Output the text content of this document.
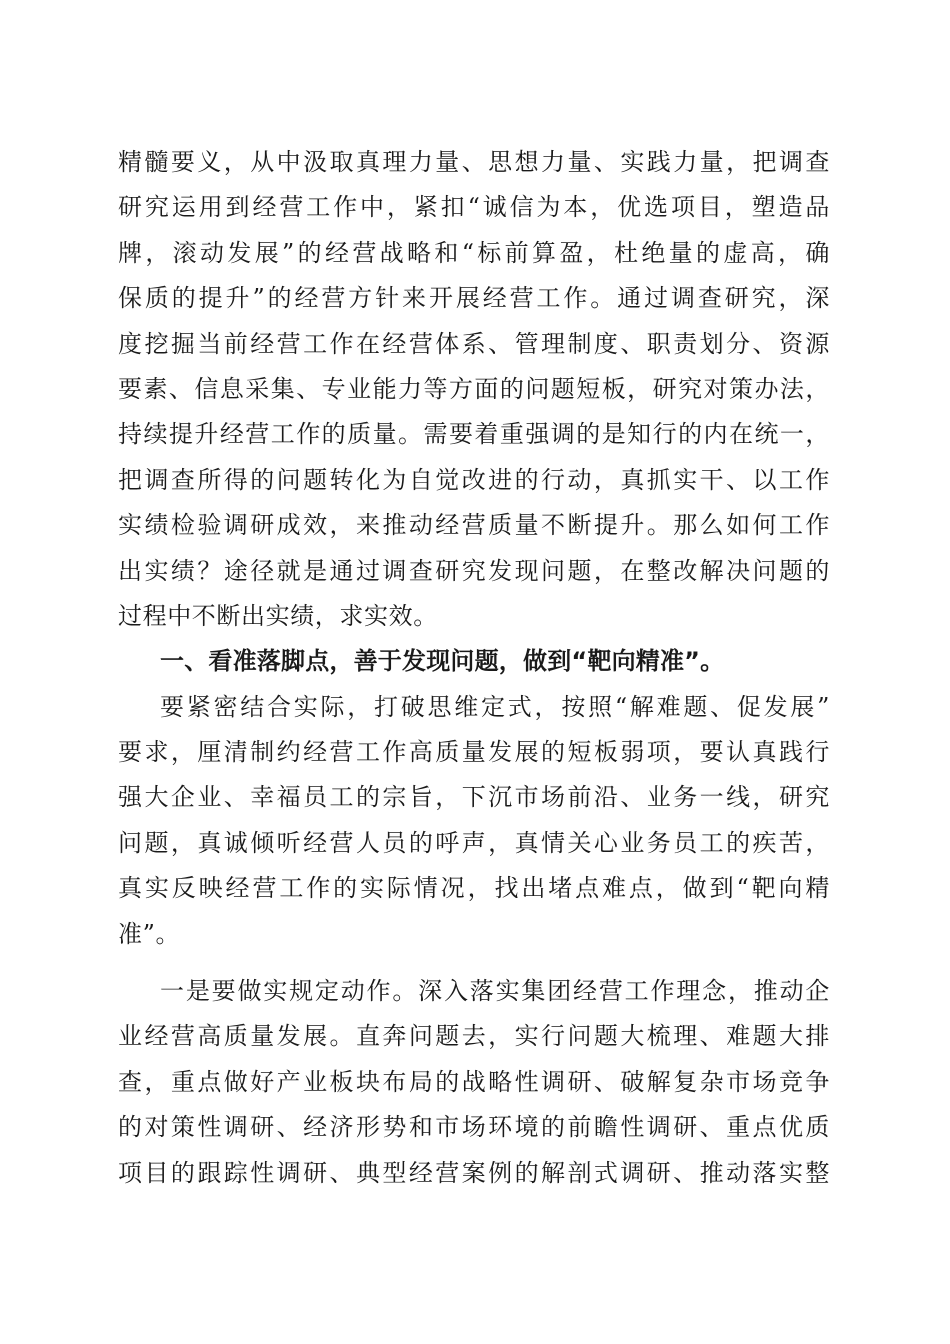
精髓要义，从中汲取真理力量、思想力量、实践力量，把调查
研究运用到经营工作中，紧扣“诚信为本，优选项目，塑造品
牌，滚动发展”的经营战略和“标前算盈，杜绝量的虚高，确
保质的提升”的经营方针来开展经营工作。通过调查研究，深
度挖掘当前经营工作在经营体系、管理制度、职责划分、资源
要素、信息采集、专业能力等方面的问题短板，研究对策办法，
持续提升经营工作的质量。需要着重强调的是知行的内在统一，
把调查所得的问题转化为自觉改进的行动，真抓实干、以工作
实绩检验调研成效，来推动经营质量不断提升。那么如何工作
出实绩？途径就是通过调查研究发现问题，在整改解决问题的
过程中不断出实绩，求实效。
一、看准落脚点，善于发现问题，做到“靶向精准”。
要紧密结合实际，打破思维定式，按照“解难题、促发展”
要求，厘清制约经营工作高质量发展的短板弱项，要认真践行
强大企业、幸福员工的宗旨，下沉市场前沿、业务一线，研究
问题，真诚倾听经营人员的呼声，真情关心业务员工的疾苦，
真实反映经营工作的实际情况，找出堵点难点，做到“靶向精
准”。
一是要做实规定动作。深入落实集团经营工作理念，推动企
业经营高质量发展。直奔问题去，实行问题大梳理、难题大排
查，重点做好产业板块布局的战略性调研、破解复杂市场竞争
的对策性调研、经济形势和市场环境的前瞻性调研、重点优质
项目的跟踪性调研、典型经营案例的解剖式调研、推动落实整
